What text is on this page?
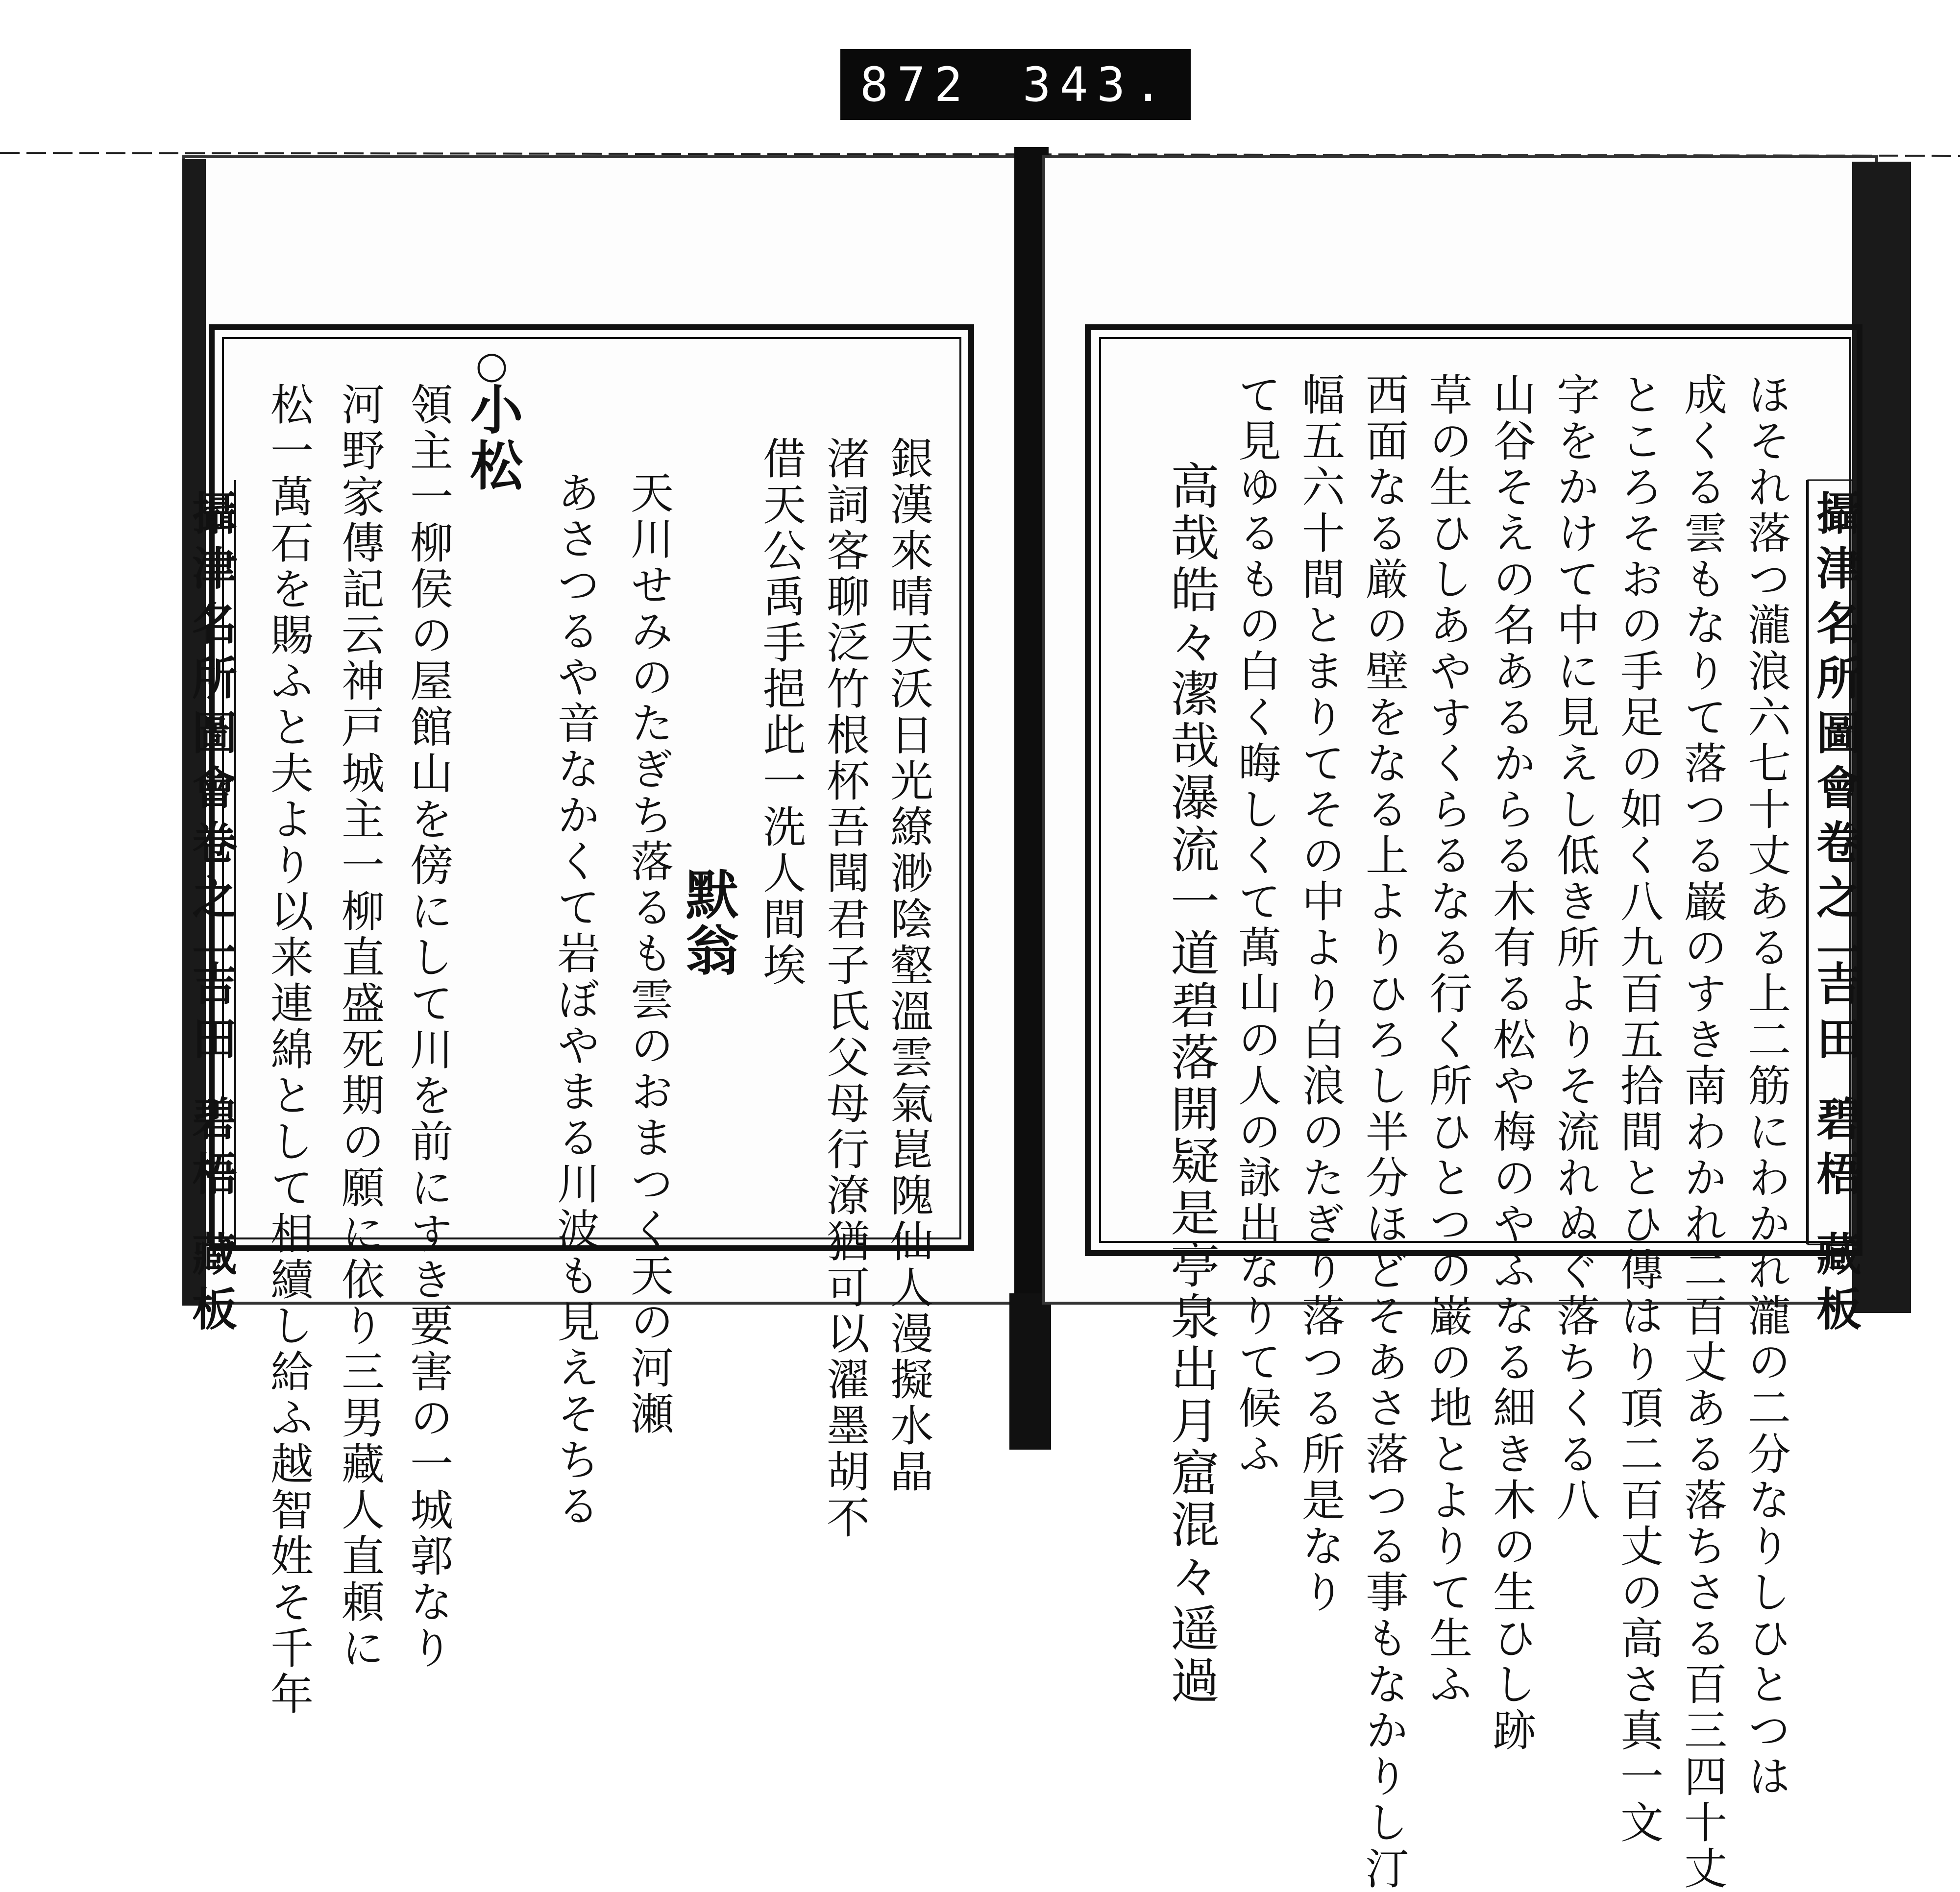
872 343.
攝津名所圖會卷之一
吉田 碧梧 藏板
ほそれ落つ瀧浪六七十丈ある上二筋にわかれ瀧の二分なりしひとつは
成くる雲もなりて落つる巌のすき南わかれ二百丈ある落ちさる百三四十丈
ところそおの手足の如く八九百五拾間とひ傳はり頂二百丈の高さ真一文
字をかけて中に見えし低き所よりそ流れぬぐ落ちくる八
山谷そえの名あるからる木有る松や梅のやふなる細き木の生ひし跡
草の生ひしあやすくらるなる行く所ひとつの巌の地とよりて生ふ
西面なる厳の壁をなる上よりひろし半分ほどそあさ落つる事もなかりし汀
幅五六十間とまりてその中より白浪のたぎり落つる所是なり
て見ゆるもの白く晦しくて萬山の人の詠出なりて候ふ
高哉皓々潔哉瀑流一道碧落開疑是亭泉出月窟混々遥過
攝津名所圖會卷之一
吉田 碧梧 藏板	銀漢來晴天沃日光繚渺陰壑溫雲氣崑隗仙人漫擬水晶
渚詞客聊泛竹根杯吾聞君子氏父母行潦猶可以濯墨胡不
借天公禹手挹此一洗人間埃
默翁
天川せみのたぎち落るも雲のおまつく天の河瀬
あさつるや音なかくて岩ぼやまる川波も見えそちる
○
小松
領主一柳侯の屋館山を傍にして川を前にすき要害の一城郭なり
河野家傳記云神戸城主一柳直盛死期の願に依り三男藏人直頼に
松一萬石を賜ふと夫より以来連綿として相續し給ふ越智姓そ千年
